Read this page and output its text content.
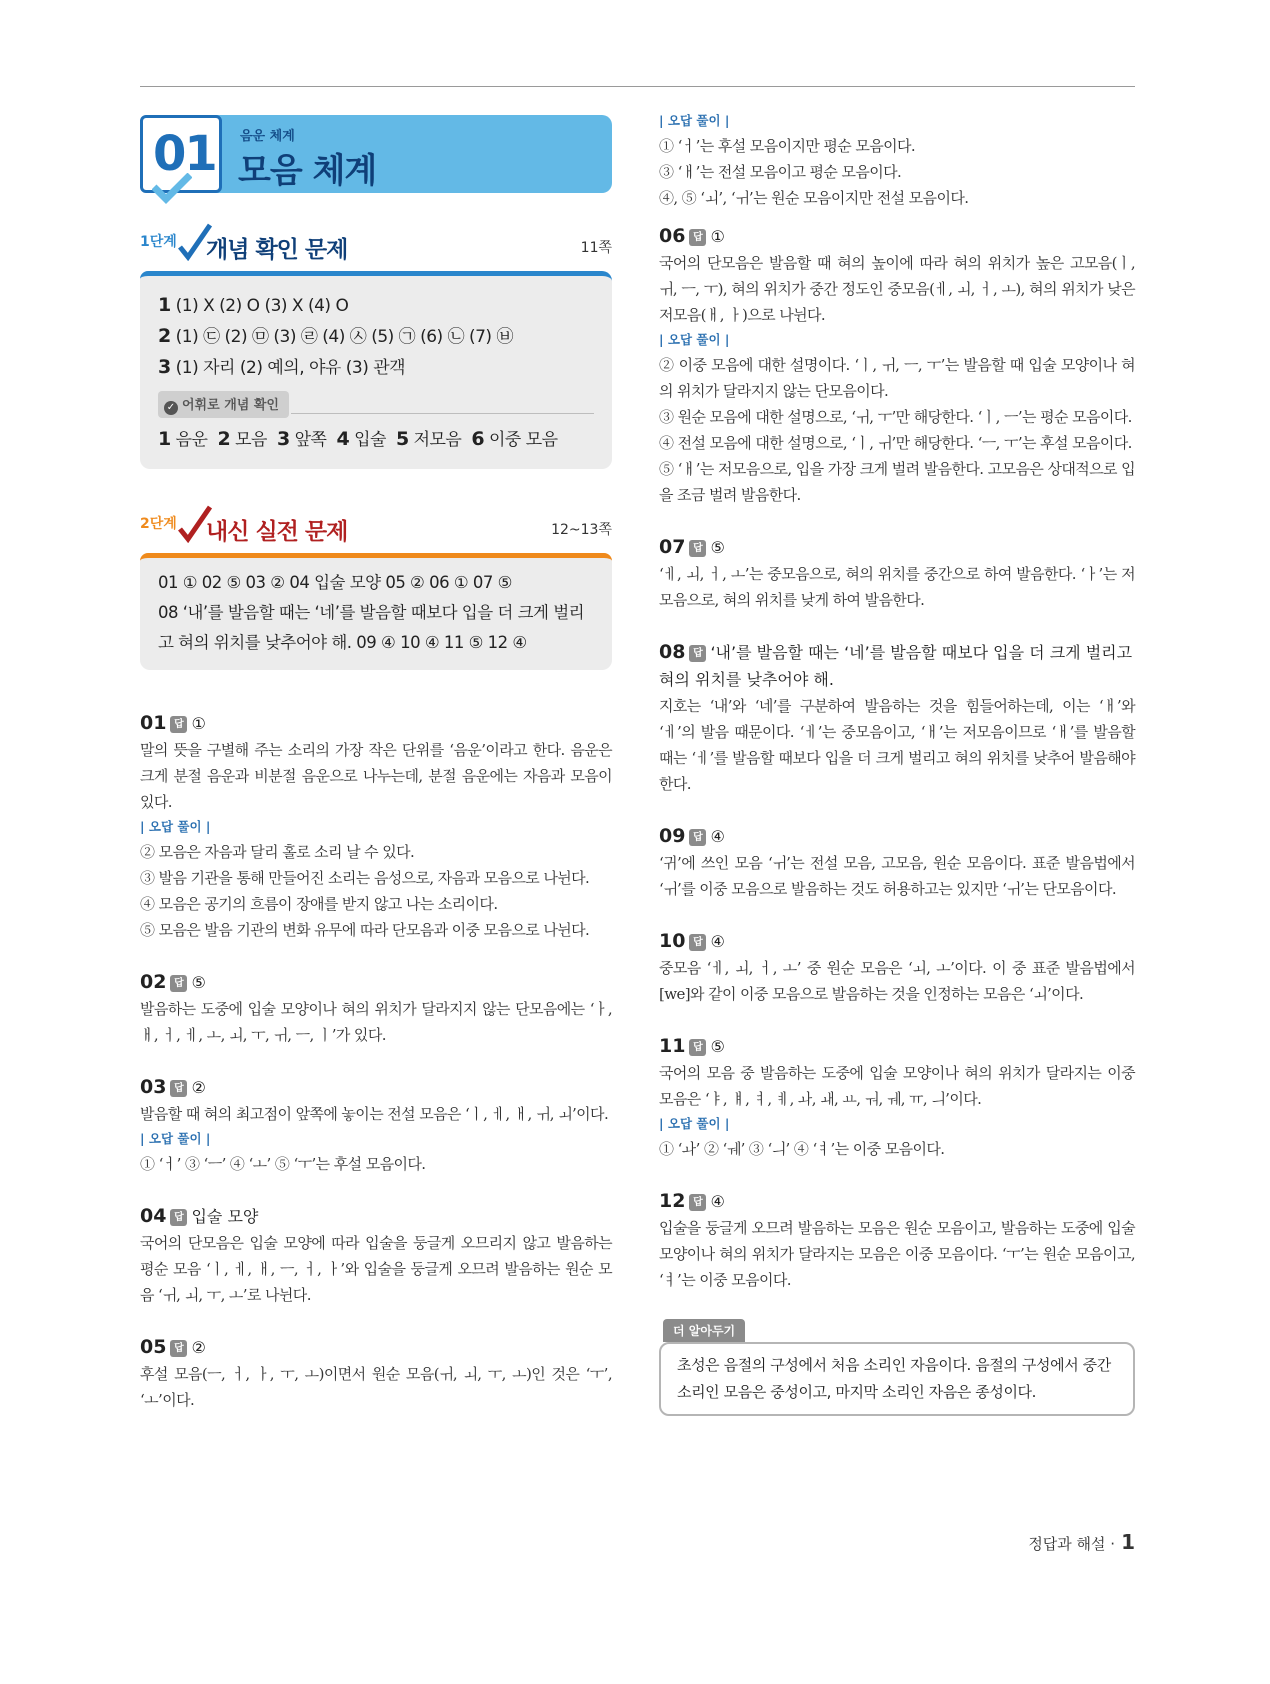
01 음운 체계
모음 체계
1단계 개념 확인 문제	11쪽
1 (1) X (2) O (3) X (4) O
2 (1) ㉢ (2) ㉤ (3) ㉣ (4) ㉦ (5) ㉠ (6) ㉡ (7) ㉥
3 (1) 자리 (2) 예의, 야유 (3) 관객
✓ 어휘로 개념 확인
1 음운 2 모음 3 앞쪽 4 입술 5 저모음 6 이중 모음
2단계 내신 실전 문제	12~13쪽
01 ① 02 ⑤ 03 ② 04 입술 모양 05 ② 06 ① 07 ⑤
08 ‘내’를 발음할 때는 ‘네’를 발음할 때보다 입을 더 크게 벌리
고 혀의 위치를 낮추어야 해. 09 ④ 10 ④ 11 ⑤ 12 ④
01 답 ①
말의 뜻을 구별해 주는 소리의 가장 작은 단위를 ‘음운’이라고 한다. 음운은 크게 분절 음운과 비분절 음운으로 나누는데, 분절 음운에는 자음과 모음이 있다.
| 오답 풀이 |
② 모음은 자음과 달리 홀로 소리 날 수 있다.
③ 발음 기관을 통해 만들어진 소리는 음성으로, 자음과 모음으로 나뉜다.
④ 모음은 공기의 흐름이 장애를 받지 않고 나는 소리이다.
⑤ 모음은 발음 기관의 변화 유무에 따라 단모음과 이중 모음으로 나뉜다.
02 답 ⑤
발음하는 도중에 입술 모양이나 혀의 위치가 달라지지 않는 단모음에는 ‘ㅏ, ㅐ, ㅓ, ㅔ, ㅗ, ㅚ, ㅜ, ㅟ, ㅡ, ㅣ’가 있다.
03 답 ②
발음할 때 혀의 최고점이 앞쪽에 놓이는 전설 모음은 ‘ㅣ, ㅔ, ㅐ, ㅟ, ㅚ’이다.
| 오답 풀이 |
① ‘ㅓ’ ③ ‘ㅡ’ ④ ‘ㅗ’ ⑤ ‘ㅜ’는 후설 모음이다.
04 답 입술 모양
국어의 단모음은 입술 모양에 따라 입술을 둥글게 오므리지 않고 발음하는 평순 모음 ‘ㅣ, ㅔ, ㅐ, ㅡ, ㅓ, ㅏ’와 입술을 둥글게 오므려 발음하는 원순 모음 ‘ㅟ, ㅚ, ㅜ, ㅗ’로 나뉜다.
05 답 ②
후설 모음(ㅡ, ㅓ, ㅏ, ㅜ, ㅗ)이면서 원순 모음(ㅟ, ㅚ, ㅜ, ㅗ)인 것은 ‘ㅜ’, ‘ㅗ’이다.
| 오답 풀이 |
① ‘ㅓ’는 후설 모음이지만 평순 모음이다.
③ ‘ㅐ’는 전설 모음이고 평순 모음이다.
④, ⑤ ‘ㅚ’, ‘ㅟ’는 원순 모음이지만 전설 모음이다.
06 답 ①
국어의 단모음은 발음할 때 혀의 높이에 따라 혀의 위치가 높은 고모음(ㅣ, ㅟ, ㅡ, ㅜ), 혀의 위치가 중간 정도인 중모음(ㅔ, ㅚ, ㅓ, ㅗ), 혀의 위치가 낮은 저모음(ㅐ, ㅏ)으로 나뉜다.
| 오답 풀이 |
② 이중 모음에 대한 설명이다. ‘ㅣ, ㅟ, ㅡ, ㅜ’는 발음할 때 입술 모양이나 혀의 위치가 달라지지 않는 단모음이다.
③ 원순 모음에 대한 설명으로, ‘ㅟ, ㅜ’만 해당한다. ‘ㅣ, ㅡ’는 평순 모음이다.
④ 전설 모음에 대한 설명으로, ‘ㅣ, ㅟ’만 해당한다. ‘ㅡ, ㅜ’는 후설 모음이다.
⑤ ‘ㅐ’는 저모음으로, 입을 가장 크게 벌려 발음한다. 고모음은 상대적으로 입을 조금 벌려 발음한다.
07 답 ⑤
‘ㅔ, ㅚ, ㅓ, ㅗ’는 중모음으로, 혀의 위치를 중간으로 하여 발음한다. ‘ㅏ’는 저모음으로, 혀의 위치를 낮게 하여 발음한다.
08 답 ‘내’를 발음할 때는 ‘네’를 발음할 때보다 입을 더 크게 벌리고 혀의 위치를 낮추어야 해.
지호는 ‘내’와 ‘네’를 구분하여 발음하는 것을 힘들어하는데, 이는 ‘ㅐ’와 ‘ㅔ’의 발음 때문이다. ‘ㅔ’는 중모음이고, ‘ㅐ’는 저모음이므로 ‘ㅐ’를 발음할 때는 ‘ㅔ’를 발음할 때보다 입을 더 크게 벌리고 혀의 위치를 낮추어 발음해야 한다.
09 답 ④
‘귀’에 쓰인 모음 ‘ㅟ’는 전설 모음, 고모음, 원순 모음이다. 표준 발음법에서 ‘ㅟ’를 이중 모음으로 발음하는 것도 허용하고는 있지만 ‘ㅟ’는 단모음이다.
10 답 ④
중모음 ‘ㅔ, ㅚ, ㅓ, ㅗ’ 중 원순 모음은 ‘ㅚ, ㅗ’이다. 이 중 표준 발음법에서 [we]와 같이 이중 모음으로 발음하는 것을 인정하는 모음은 ‘ㅚ’이다.
11 답 ⑤
국어의 모음 중 발음하는 도중에 입술 모양이나 혀의 위치가 달라지는 이중 모음은 ‘ㅑ, ㅒ, ㅕ, ㅖ, ㅘ, ㅙ, ㅛ, ㅝ, ㅞ, ㅠ, ㅢ’이다.
| 오답 풀이 |
① ‘ㅘ’ ② ‘ㅞ’ ③ ‘ㅢ’ ④ ‘ㅕ’는 이중 모음이다.
12 답 ④
입술을 둥글게 오므려 발음하는 모음은 원순 모음이고, 발음하는 도중에 입술 모양이나 혀의 위치가 달라지는 모음은 이중 모음이다. ‘ㅜ’는 원순 모음이고, ‘ㅕ’는 이중 모음이다.
더 알아두기
초성은 음절의 구성에서 처음 소리인 자음이다. 음절의 구성에서 중간 소리인 모음은 중성이고, 마지막 소리인 자음은 종성이다.
정답과 해설 · 1
